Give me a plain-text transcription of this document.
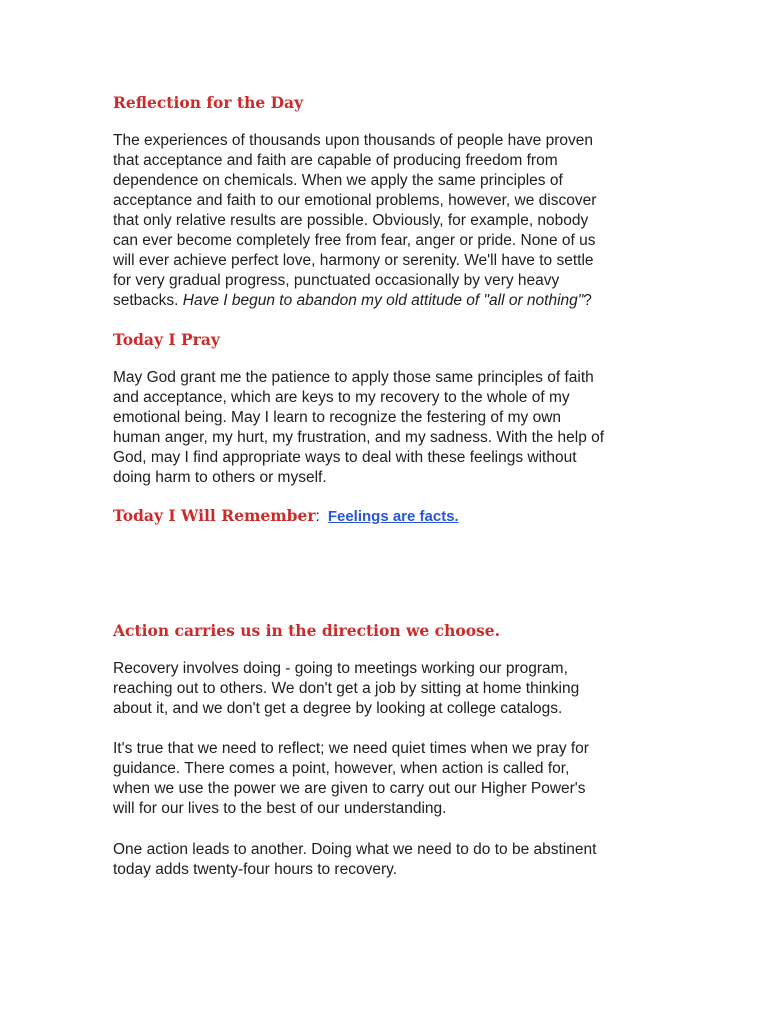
Reflection for the Day
The experiences of thousands upon thousands of people have proven
that acceptance and faith are capable of producing freedom from
dependence on chemicals. When we apply the same principles of
acceptance and faith to our emotional problems, however, we discover
that only relative results are possible. Obviously, for example, nobody
can ever become completely free from fear, anger or pride. None of us
will ever achieve perfect love, harmony or serenity. We'll have to settle
for very gradual progress, punctuated occasionally by very heavy
setbacks. Have I begun to abandon my old attitude of "all or nothing"?
Today I Pray
May God grant me the patience to apply those same principles of faith
and acceptance, which are keys to my recovery to the whole of my
emotional being. May I learn to recognize the festering of my own
human anger, my hurt, my frustration, and my sadness. With the help of
God, may I find appropriate ways to deal with these feelings without
doing harm to others or myself.
Today I Will Remember: Feelings are facts.
Action carries us in the direction we choose.
Recovery involves doing - going to meetings working our program,
reaching out to others. We don't get a job by sitting at home thinking
about it, and we don't get a degree by looking at college catalogs.
It's true that we need to reflect; we need quiet times when we pray for
guidance. There comes a point, however, when action is called for,
when we use the power we are given to carry out our Higher Power's
will for our lives to the best of our understanding.
One action leads to another. Doing what we need to do to be abstinent
today adds twenty-four hours to recovery.
